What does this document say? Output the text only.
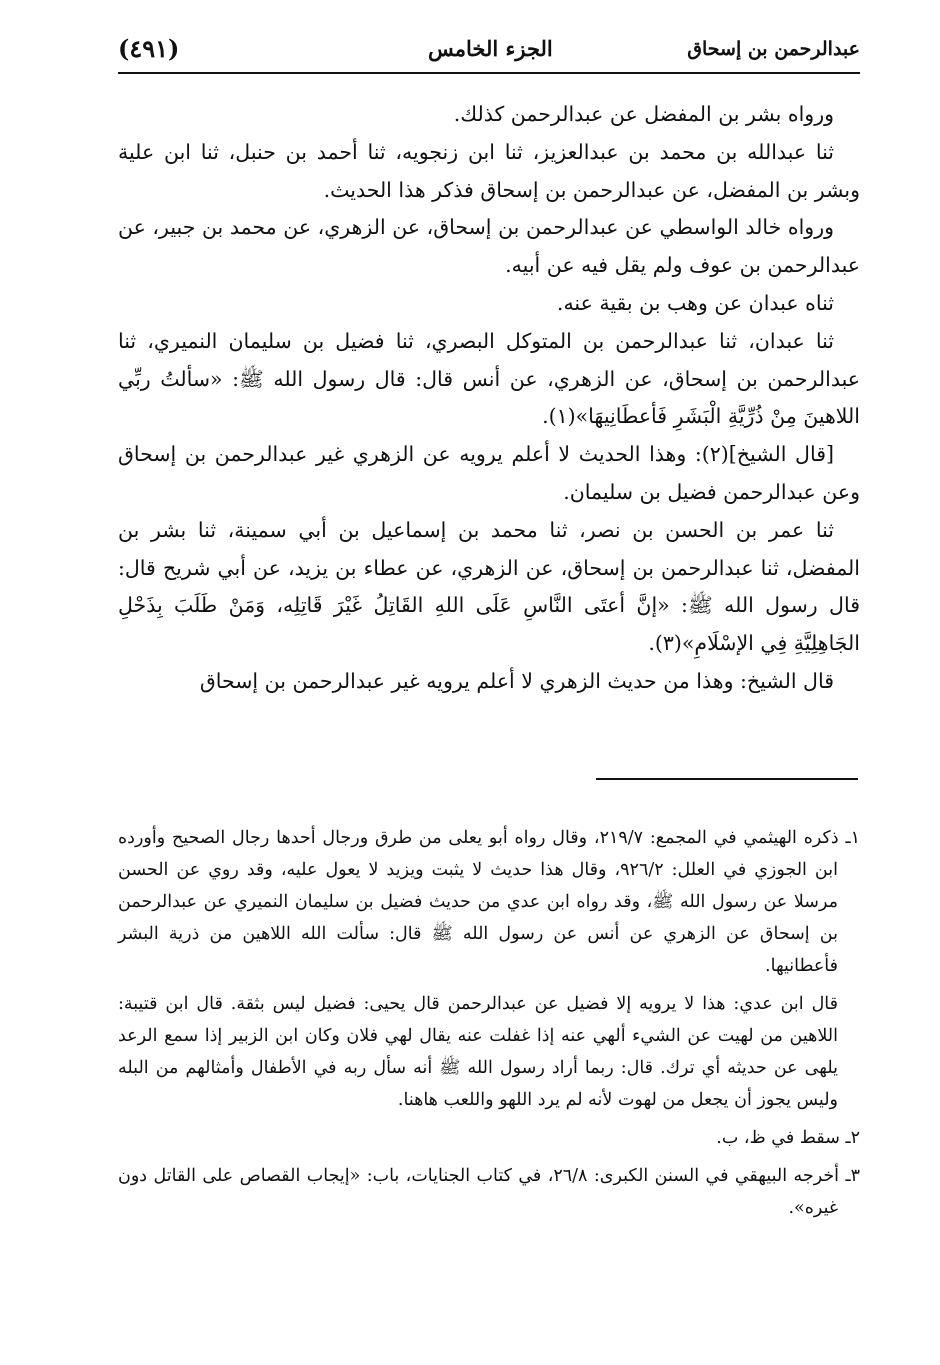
(٤٩١)	الجزء الخامس	عبدالرحمن بن إسحاق

ورواه بشر بن المفضل عن عبدالرحمن كذلك.

ثنا عبدالله بن محمد بن عبدالعزيز، ثنا ابن زنجويه، ثنا أحمد بن حنبل، ثنا ابن علية وبشر بن المفضل، عن عبدالرحمن بن إسحاق فذكر هذا الحديث.

ورواه خالد الواسطي عن عبدالرحمن بن إسحاق، عن الزهري، عن محمد بن جبير، عن عبدالرحمن بن عوف ولم يقل فيه عن أبيه.

ثناه عبدان عن وهب بن بقية عنه.

ثنا عبدان، ثنا عبدالرحمن بن المتوكل البصري، ثنا فضيل بن سليمان النميري، ثنا عبدالرحمن بن إسحاق، عن الزهري، عن أنس قال: قال رسول الله ﷺ: «سألتُ ربِّي اللاهينَ مِنْ ذُرِّيَّةِ الْبَشَرِ فَأعطَانِيهَا»(١).

[قال الشيخ](٢): وهذا الحديث لا أعلم يرويه عن الزهري غير عبدالرحمن بن إسحاق وعن عبدالرحمن فضيل بن سليمان.

ثنا عمر بن الحسن بن نصر، ثنا محمد بن إسماعيل بن أبي سمينة، ثنا بشر بن المفضل، ثنا عبدالرحمن بن إسحاق، عن الزهري، عن عطاء بن يزيد، عن أبي شريح قال: قال رسول الله ﷺ: «إنَّ أعتَى النَّاسِ عَلَى اللهِ القَاتِلُ غَيْرَ قَاتِلِه، وَمَنْ طَلَبَ بِذَحْلِ الجَاهِلِيَّةِ فِي الإسْلَامِ»(٣).

قال الشيخ: وهذا من حديث الزهري لا أعلم يرويه غير عبدالرحمن بن إسحاق

١ـ ذكره الهيثمي في المجمع: ٢١٩/٧، وقال رواه أبو يعلى من طرق ورجال أحدها رجال الصحيح وأورده ابن الجوزي في العلل: ٩٢٦/٢، وقال هذا حديث لا يثبت ويزيد لا يعول عليه، وقد روي عن الحسن مرسلا عن رسول الله ﷺ، وقد رواه ابن عدي من حديث فضيل بن سليمان النميري عن عبدالرحمن بن إسحاق عن الزهري عن أنس عن رسول الله ﷺ قال: سألت الله اللاهين من ذرية البشر فأعطانيها.

قال ابن عدي: هذا لا يرويه إلا فضيل عن عبدالرحمن قال يحيى: فضيل ليس بثقة. قال ابن قتيبة: اللاهين من لهيت عن الشيء ألهي عنه إذا غفلت عنه يقال لهي فلان وكان ابن الزبير إذا سمع الرعد يلهى عن حديثه أي ترك. قال: ربما أراد رسول الله ﷺ أنه سأل ربه في الأطفال وأمثالهم من البله وليس يجوز أن يجعل من لهوت لأنه لم يرد اللهو واللعب هاهنا.

٢ـ سقط في ظ، ب.

٣ـ أخرجه البيهقي في السنن الكبرى: ٢٦/٨، في كتاب الجنايات، باب: «إيجاب القصاص على القاتل دون غيره».
